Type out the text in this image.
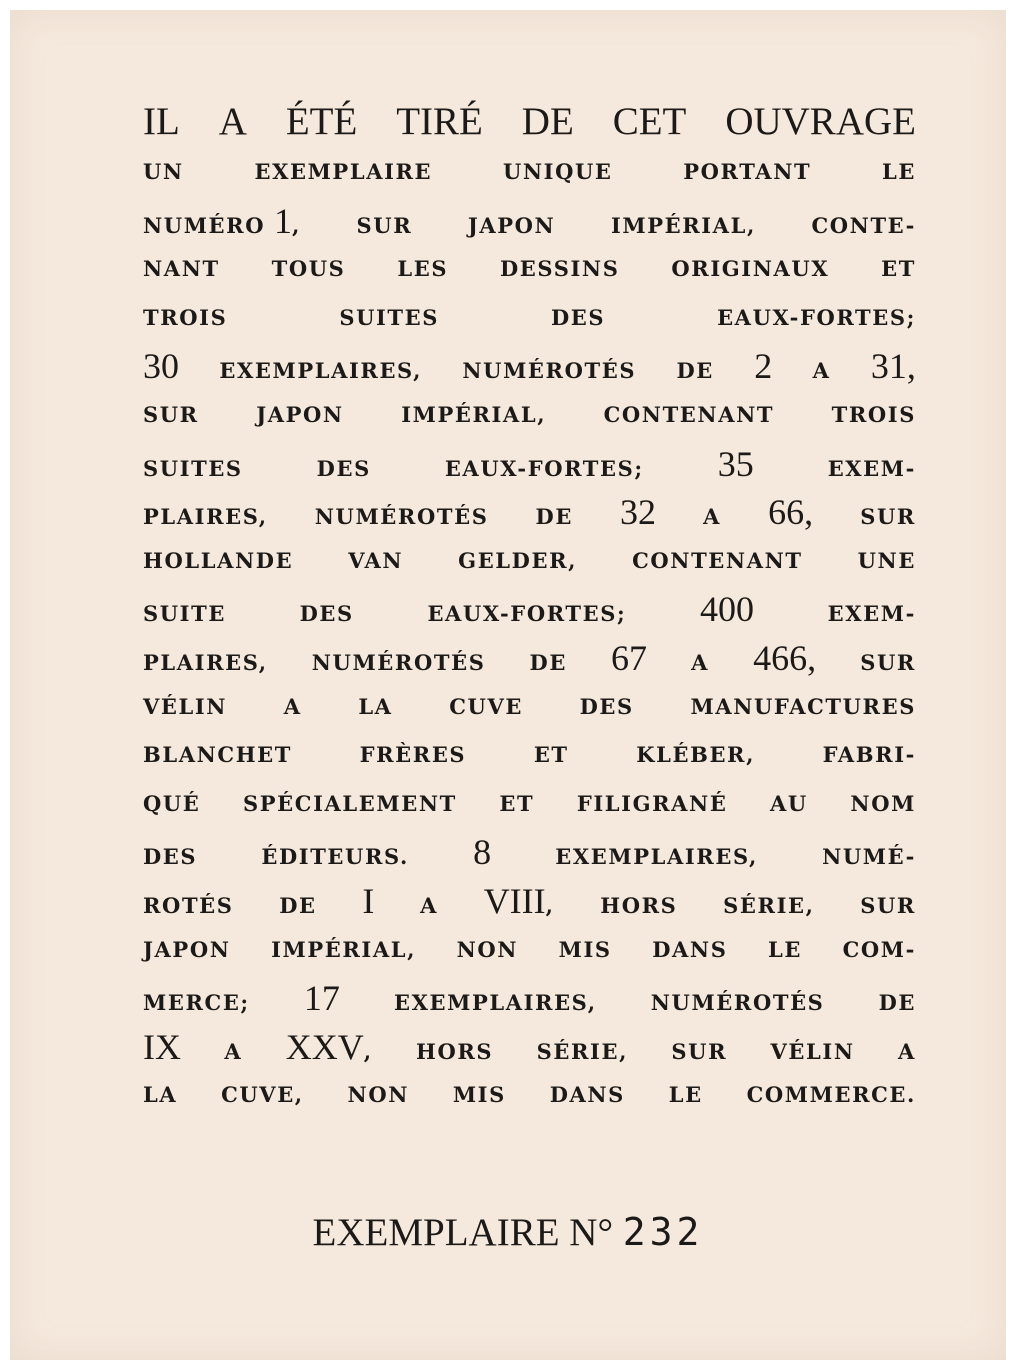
IL A ÉTÉ TIRÉ DE CET OUVRAGE
UN	EXEMPLAIRE	UNIQUE	PORTANT	LE
NUMÉRO 1,	SUR	JAPON	IMPÉRIAL,	CONTE-
NANT TOUS LES DESSINS ORIGINAUX ET
TROIS	SUITES	DES	EAUX-FORTES;
30 EXEMPLAIRES, NUMÉROTÉS DE 2 A 31,
SUR	JAPON	IMPÉRIAL,	CONTENANT	TROIS
SUITES	DES	EAUX-FORTES; 35	EXEM-
PLAIRES, NUMÉROTÉS DE 32 A 66, SUR
HOLLANDE	VAN	GELDER,	CONTENANT	UNE
SUITE	DES	EAUX-FORTES; 400	EXEM-
PLAIRES, NUMÉROTÉS DE 67 A 466, SUR
VÉLIN	A	LA	CUVE	DES	MANUFACTURES
BLANCHET	FRÈRES	ET	KLÉBER,	FABRI-
QUÉ SPÉCIALEMENT ET FILIGRANÉ AU NOM
DES	ÉDITEURS. 8	EXEMPLAIRES,	NUMÉ-
ROTÉS DE I A VIII, HORS SÉRIE, SUR
JAPON IMPÉRIAL, NON MIS DANS LE COM-
MERCE; 17	EXEMPLAIRES,	NUMÉROTÉS	DE
IX A XXV, HORS SÉRIE, SUR VÉLIN A
LA CUVE, NON MIS DANS LE COMMERCE.
EXEMPLAIRE N° 232
